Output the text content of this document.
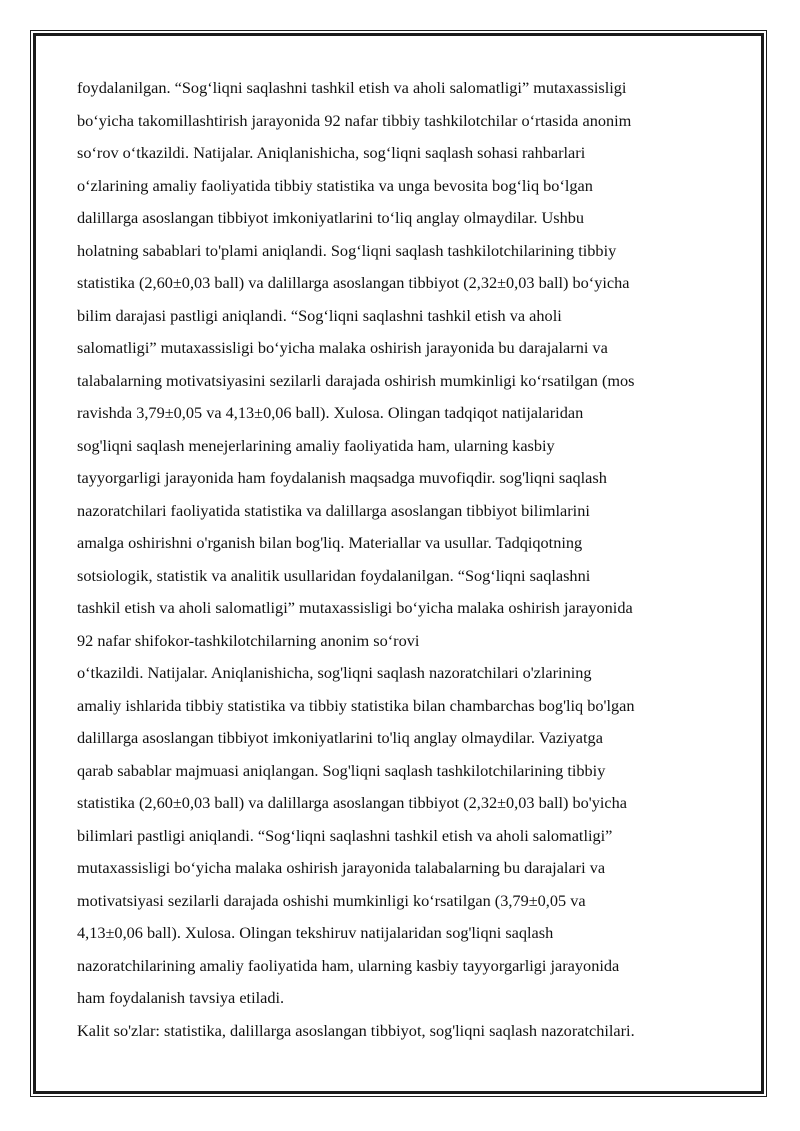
foydalanilgan. “Sog‘liqni saqlashni tashkil etish va aholi salomatligi” mutaxassisligi
bo‘yicha takomillashtirish jarayonida 92 nafar tibbiy tashkilotchilar o‘rtasida anonim
so‘rov o‘tkazildi. Natijalar. Aniqlanishicha, sog‘liqni saqlash sohasi rahbarlari
o‘zlarining amaliy faoliyatida tibbiy statistika va unga bevosita bog‘liq bo‘lgan
dalillarga asoslangan tibbiyot imkoniyatlarini to‘liq anglay olmaydilar. Ushbu
holatning sabablari to'plami aniqlandi. Sog‘liqni saqlash tashkilotchilarining tibbiy
statistika (2,60±0,03 ball) va dalillarga asoslangan tibbiyot (2,32±0,03 ball) bo‘yicha
bilim darajasi pastligi aniqlandi. “Sog‘liqni saqlashni tashkil etish va aholi
salomatligi” mutaxassisligi bo‘yicha malaka oshirish jarayonida bu darajalarni va
talabalarning motivatsiyasini sezilarli darajada oshirish mumkinligi ko‘rsatilgan (mos
ravishda 3,79±0,05 va 4,13±0,06 ball). Xulosa. Olingan tadqiqot natijalaridan
sog'liqni saqlash menejerlarining amaliy faoliyatida ham, ularning kasbiy
tayyorgarligi jarayonida ham foydalanish maqsadga muvofiqdir. sog'liqni saqlash
nazoratchilari faoliyatida statistika va dalillarga asoslangan tibbiyot bilimlarini
amalga oshirishni o'rganish bilan bog'liq. Materiallar va usullar. Tadqiqotning
sotsiologik, statistik va analitik usullaridan foydalanilgan. “Sog‘liqni saqlashni
tashkil etish va aholi salomatligi” mutaxassisligi bo‘yicha malaka oshirish jarayonida
92 nafar shifokor-tashkilotchilarning anonim so‘rovi
o‘tkazildi. Natijalar. Aniqlanishicha, sog'liqni saqlash nazoratchilari o'zlarining
amaliy ishlarida tibbiy statistika va tibbiy statistika bilan chambarchas bog'liq bo'lgan
dalillarga asoslangan tibbiyot imkoniyatlarini to'liq anglay olmaydilar. Vaziyatga
qarab sabablar majmuasi aniqlangan. Sog'liqni saqlash tashkilotchilarining tibbiy
statistika (2,60±0,03 ball) va dalillarga asoslangan tibbiyot (2,32±0,03 ball) bo'yicha
bilimlari pastligi aniqlandi. “Sog‘liqni saqlashni tashkil etish va aholi salomatligi”
mutaxassisligi bo‘yicha malaka oshirish jarayonida talabalarning bu darajalari va
motivatsiyasi sezilarli darajada oshishi mumkinligi ko‘rsatilgan (3,79±0,05 va
4,13±0,06 ball). Xulosa. Olingan tekshiruv natijalaridan sog'liqni saqlash
nazoratchilarining amaliy faoliyatida ham, ularning kasbiy tayyorgarligi jarayonida
ham foydalanish tavsiya etiladi.
Kalit so'zlar: statistika, dalillarga asoslangan tibbiyot, sog'liqni saqlash nazoratchilari.
